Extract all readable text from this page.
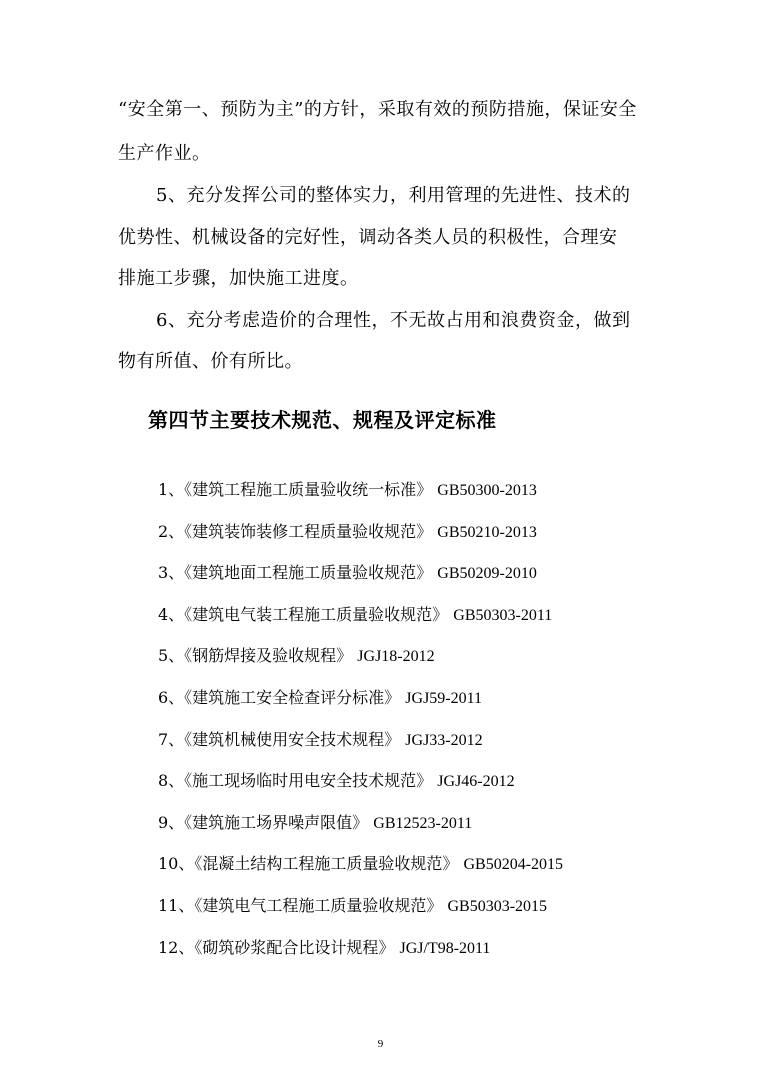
“安全第一、预防为主”的方针，采取有效的预防措施，保证安全
生产作业。
5、充分发挥公司的整体实力，利用管理的先进性、技术的
优势性、机械设备的完好性，调动各类人员的积极性，合理安
排施工步骤，加快施工进度。
6、充分考虑造价的合理性，不无故占用和浪费资金，做到
物有所值、价有所比。
第四节主要技术规范、规程及评定标准
1、《建筑工程施工质量验收统一标准》 GB50300-2013
2、《建筑装饰装修工程质量验收规范》 GB50210-2013
3、《建筑地面工程施工质量验收规范》 GB50209-2010
4、《建筑电气装工程施工质量验收规范》 GB50303-2011
5、《钢筋焊接及验收规程》 JGJ18-2012
6、《建筑施工安全检查评分标准》 JGJ59-2011
7、《建筑机械使用安全技术规程》 JGJ33-2012
8、《施工现场临时用电安全技术规范》 JGJ46-2012
9、《建筑施工场界噪声限值》 GB12523-2011
10、《混凝土结构工程施工质量验收规范》 GB50204-2015
11、《建筑电气工程施工质量验收规范》 GB50303-2015
12、《砌筑砂浆配合比设计规程》 JGJ/T98-2011
9
